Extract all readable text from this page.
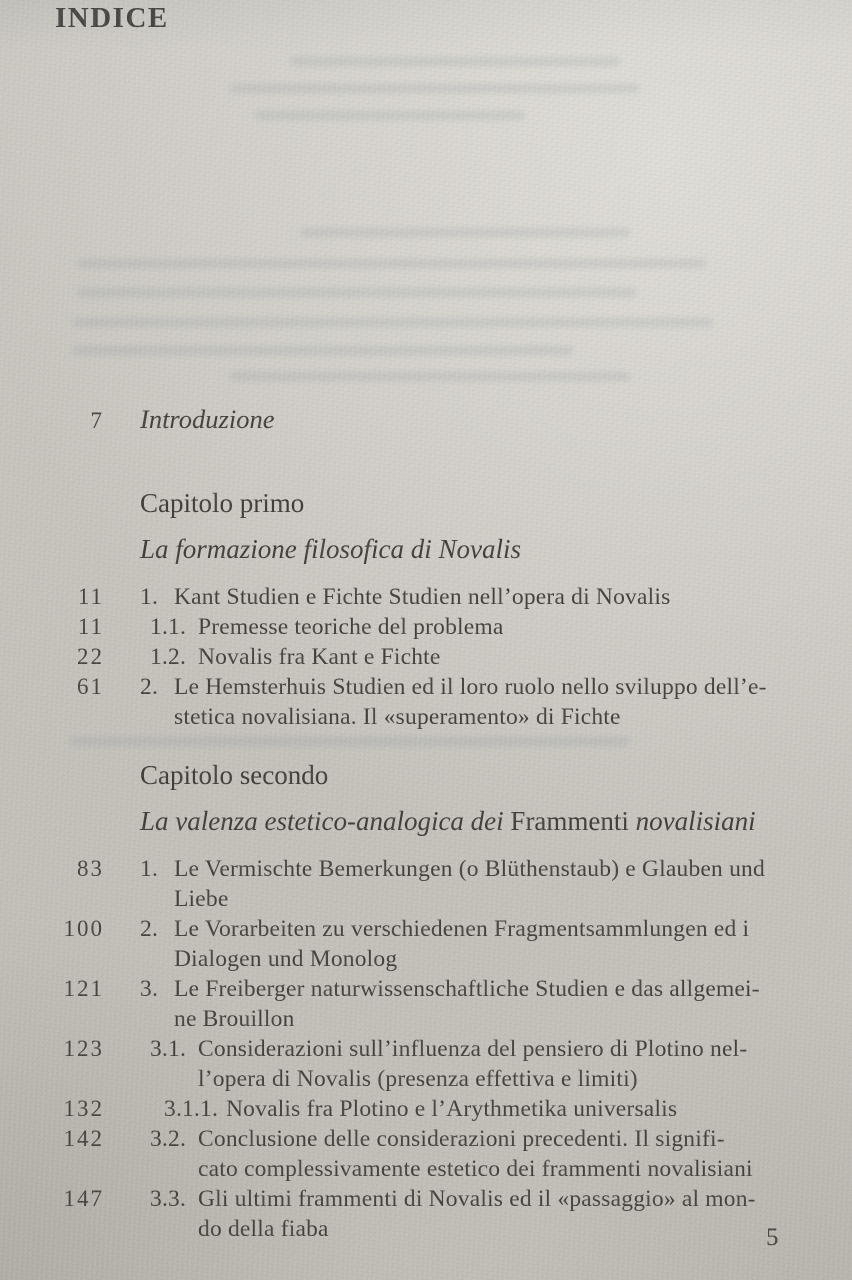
INDICE
7 Introduzione
Capitolo primo
La formazione filosofica di Novalis
11 1. Kant Studien e Fichte Studien nell’opera di Novalis
11	1.1. Premesse teoriche del problema
22	1.2. Novalis fra Kant e Fichte
61 2. Le Hemsterhuis Studien ed il loro ruolo nello sviluppo dell’e-
stetica novalisiana. Il «superamento» di Fichte
Capitolo secondo
La valenza estetico-analogica dei Frammenti novalisiani
83 1. Le Vermischte Bemerkungen (o Blüthenstaub) e Glauben und
Liebe
100 2. Le Vorarbeiten zu verschiedenen Fragmentsammlungen ed i
Dialogen und Monolog
121 3. Le Freiberger naturwissenschaftliche Studien e das allgemei-
ne Brouillon
123	3.1. Considerazioni sull’influenza del pensiero di Plotino nel-
l’opera di Novalis (presenza effettiva e limiti)
132	3.1.1. Novalis fra Plotino e l’Arythmetika universalis
142	3.2. Conclusione delle considerazioni precedenti. Il signifi-
cato complessivamente estetico dei frammenti novalisiani
147	3.3. Gli ultimi frammenti di Novalis ed il «passaggio» al mon-
do della fiaba	5
